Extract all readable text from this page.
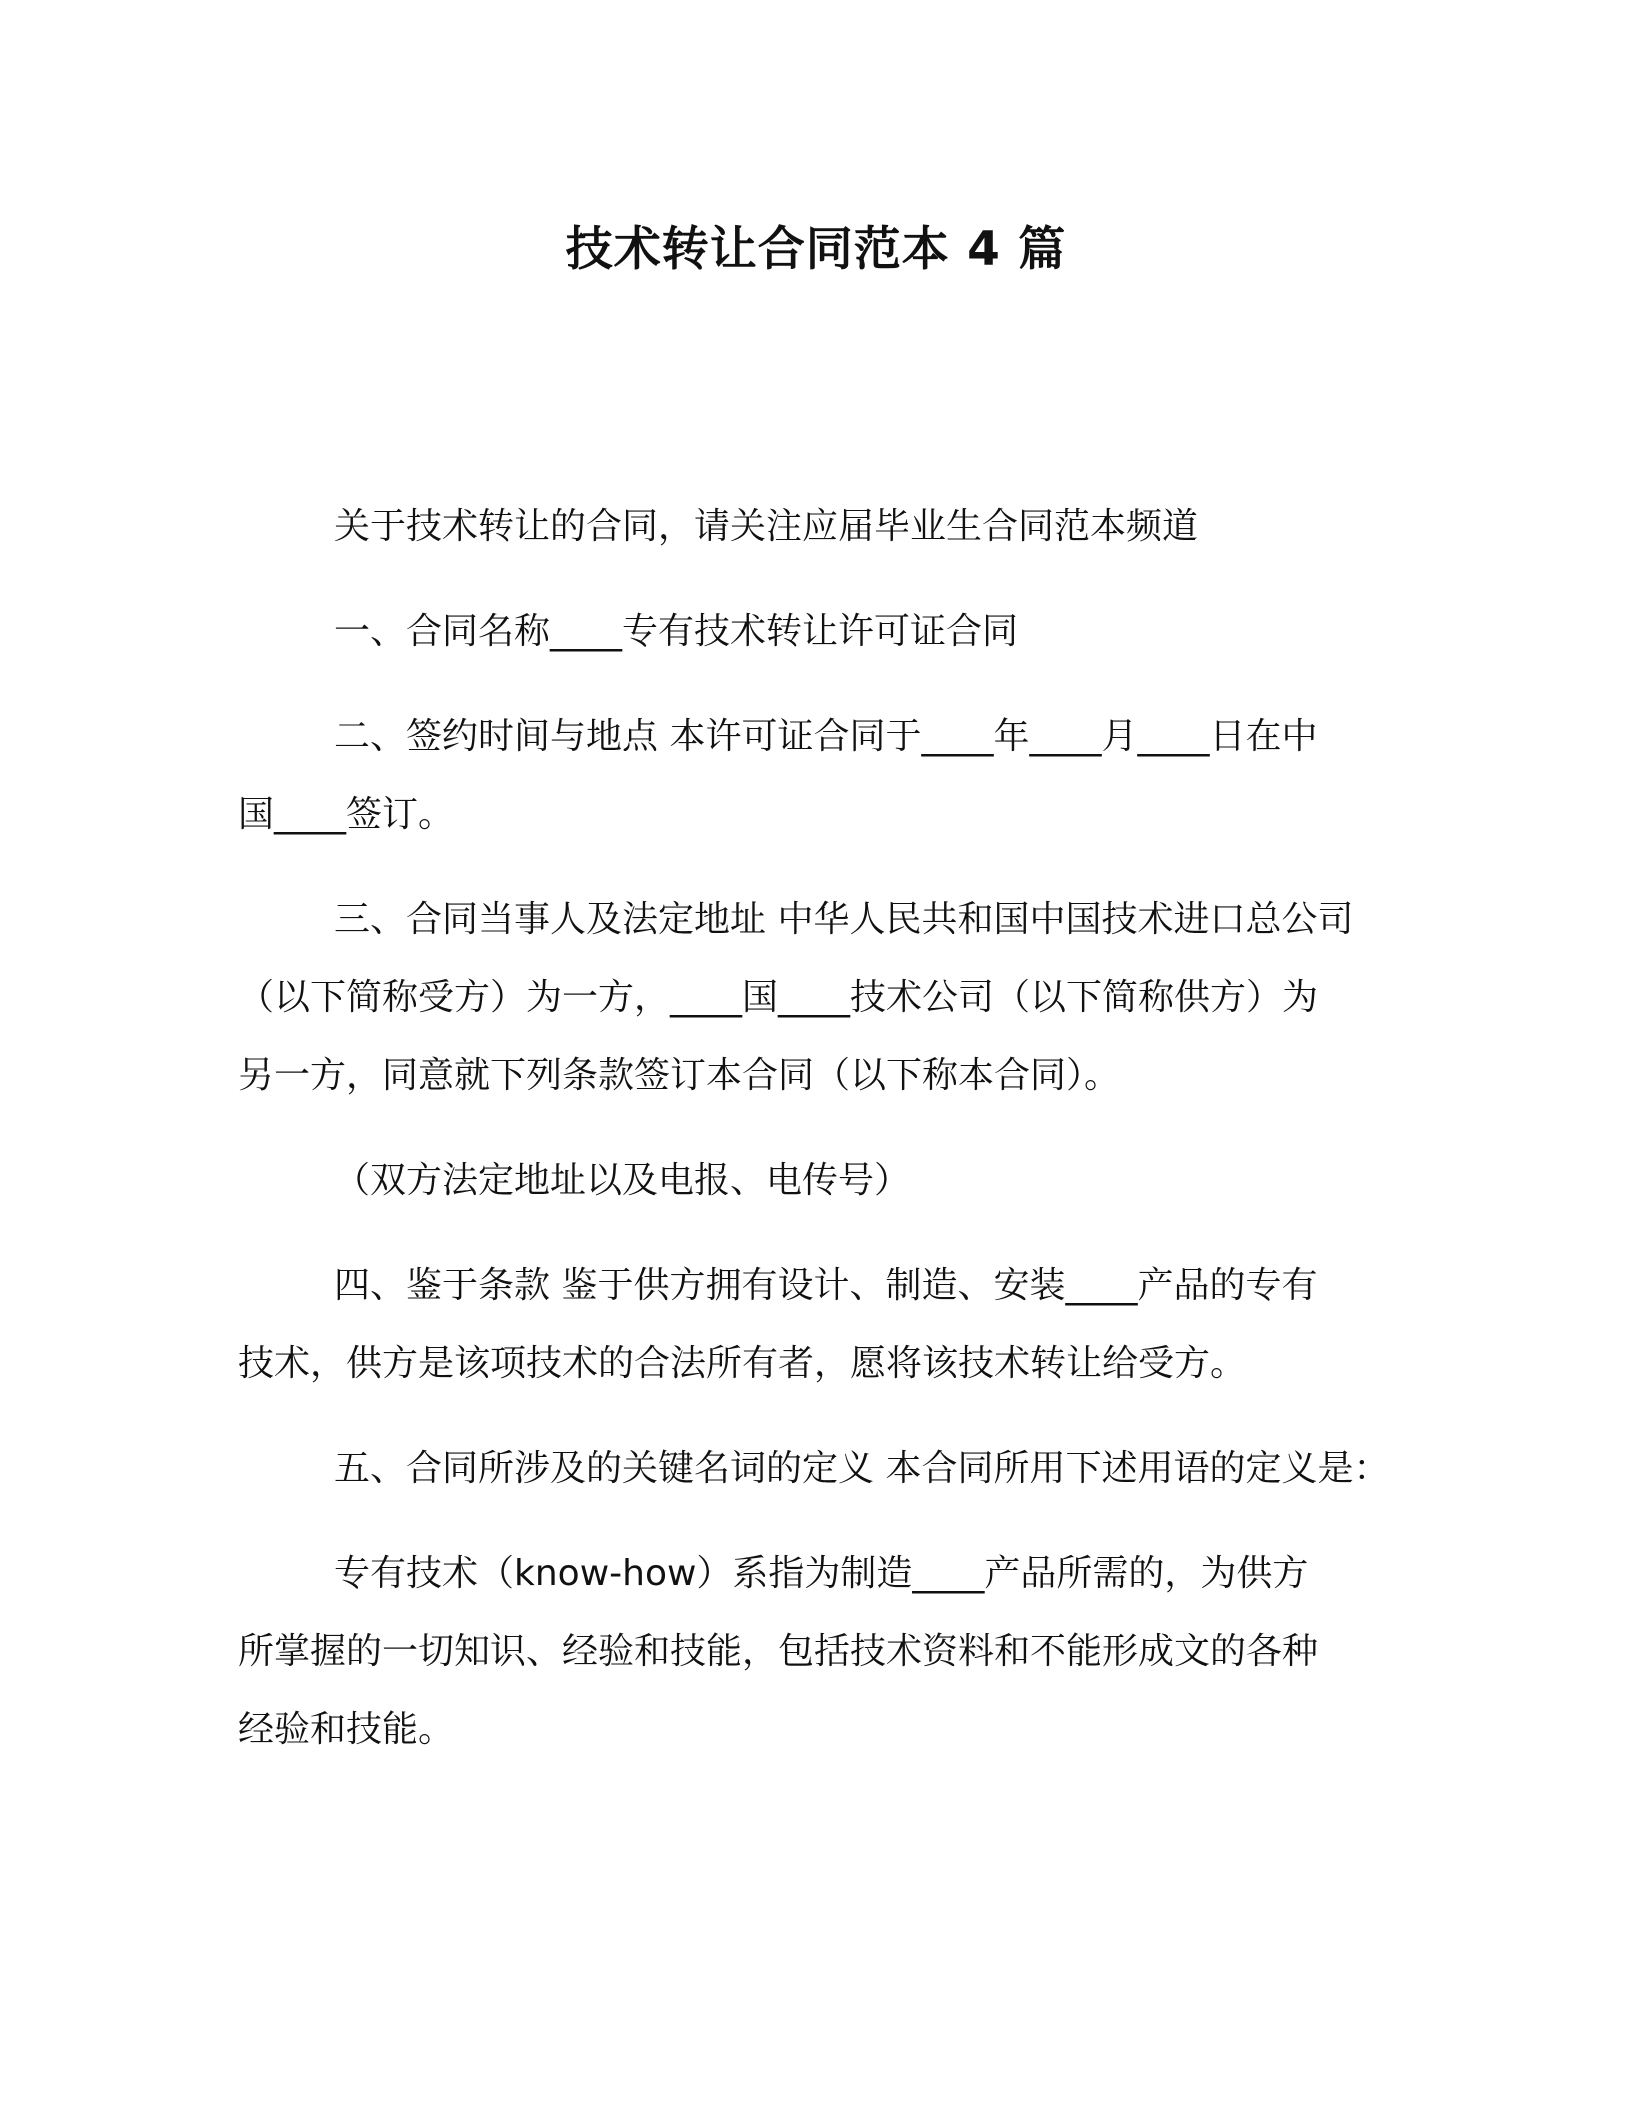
技术转让合同范本 4 篇
关于技术转让的合同，请关注应届毕业生合同范本频道
一、合同名称____专有技术转让许可证合同
二、签约时间与地点 本许可证合同于____年____月____日在中
国____签订。
三、合同当事人及法定地址 中华人民共和国中国技术进口总公司
（以下简称受方）为一方，____国____技术公司（以下简称供方）为
另一方，同意就下列条款签订本合同（以下称本合同）。
（双方法定地址以及电报、电传号）
四、鉴于条款 鉴于供方拥有设计、制造、安装____产品的专有
技术，供方是该项技术的合法所有者，愿将该技术转让给受方。
五、合同所涉及的关键名词的定义 本合同所用下述用语的定义是：
专有技术（know-how）系指为制造____产品所需的，为供方
所掌握的一切知识、经验和技能，包括技术资料和不能形成文的各种
经验和技能。
